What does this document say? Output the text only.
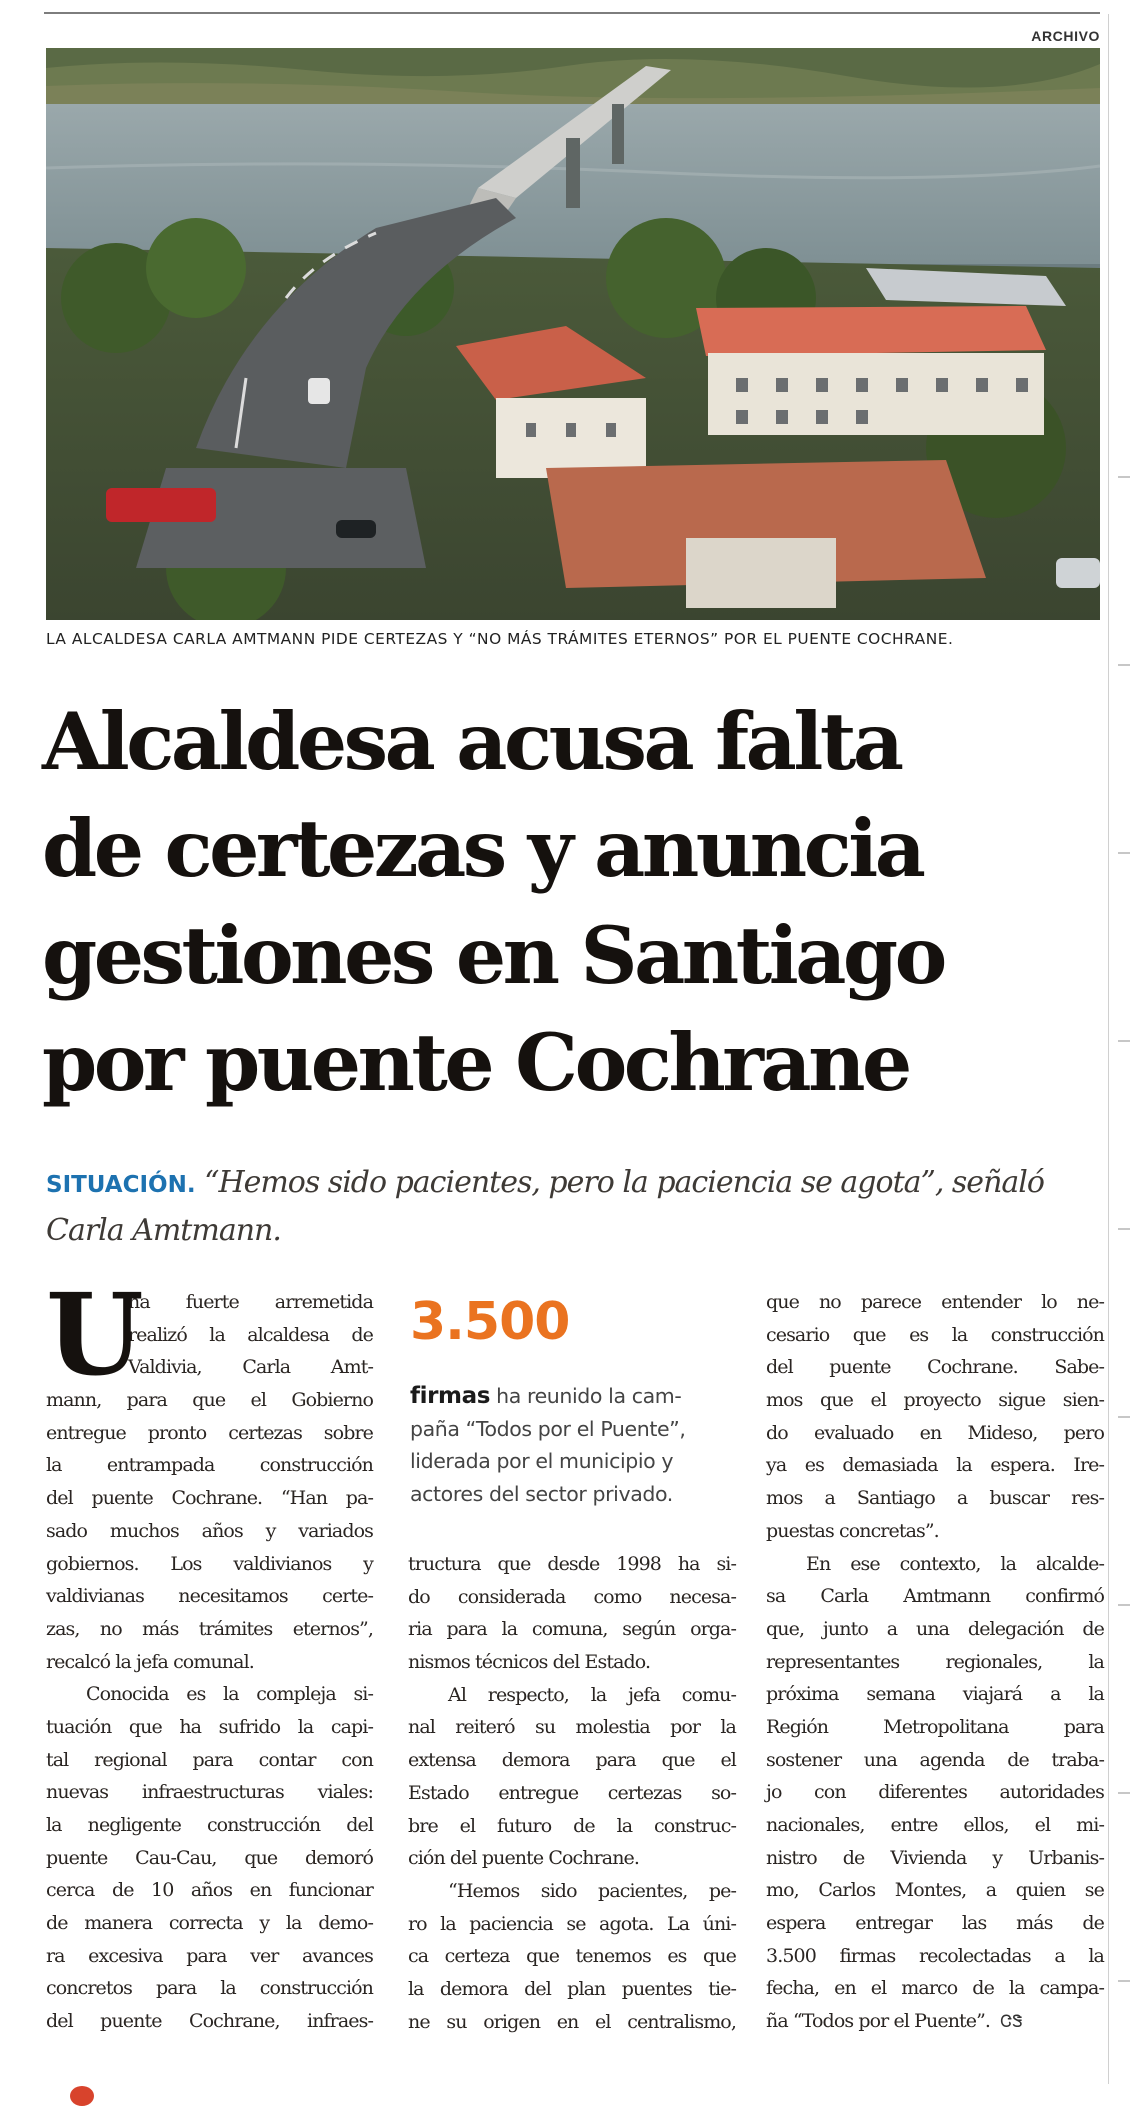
ARCHIVO
LA ALCALDESA CARLA AMTMANN PIDE CERTEZAS Y “NO MÁS TRÁMITES ETERNOS” POR EL PUENTE COCHRANE.
Alcaldesa acusa falta
de certezas y anuncia
gestiones en Santiago
por puente Cochrane
SITUACIÓN. “Hemos sido pacientes, pero la paciencia se agota”, señaló Carla Amtmann.
U
na fuerte arremetida
realizó la alcaldesa de
Valdivia, Carla Amt-
mann, para que el Gobierno
entregue pronto certezas sobre
la entrampada construcción
del puente Cochrane. “Han pa-
sado muchos años y variados
gobiernos. Los valdivianos y
valdivianas necesitamos certe-
zas, no más trámites eternos”,
recalcó la jefa comunal.
Conocida es la compleja si-
tuación que ha sufrido la capi-
tal regional para contar con
nuevas infraestructuras viales:
la negligente construcción del
puente Cau-Cau, que demoró
cerca de 10 años en funcionar
de manera correcta y la demo-
ra excesiva para ver avances
concretos para la construcción
del puente Cochrane, infraes-
3.500
firmas ha reunido la cam-
paña “Todos por el Puente”,
liderada por el municipio y
actores del sector privado.
tructura que desde 1998 ha si-
do considerada como necesa-
ria para la comuna, según orga-
nismos técnicos del Estado.
Al respecto, la jefa comu-
nal reiteró su molestia por la
extensa demora para que el
Estado entregue certezas so-
bre el futuro de la construc-
ción del puente Cochrane.
“Hemos sido pacientes, pe-
ro la paciencia se agota. La úni-
ca certeza que tenemos es que
la demora del plan puentes tie-
ne su origen en el centralismo,
que no parece entender lo ne-
cesario que es la construcción
del puente Cochrane. Sabe-
mos que el proyecto sigue sien-
do evaluado en Mideso, pero
ya es demasiada la espera. Ire-
mos a Santiago a buscar res-
puestas concretas”.
En ese contexto, la alcalde-
sa Carla Amtmann confirmó
que, junto a una delegación de
representantes regionales, la
próxima semana viajará a la
Región Metropolitana para
sostener una agenda de traba-
jo con diferentes autoridades
nacionales, entre ellos, el mi-
nistro de Vivienda y Urbanis-
mo, Carlos Montes, a quien se
espera entregar las más de
3.500 firmas recolectadas a la
fecha, en el marco de la campa-
ña “Todos por el Puente”. ᏣᏕ
